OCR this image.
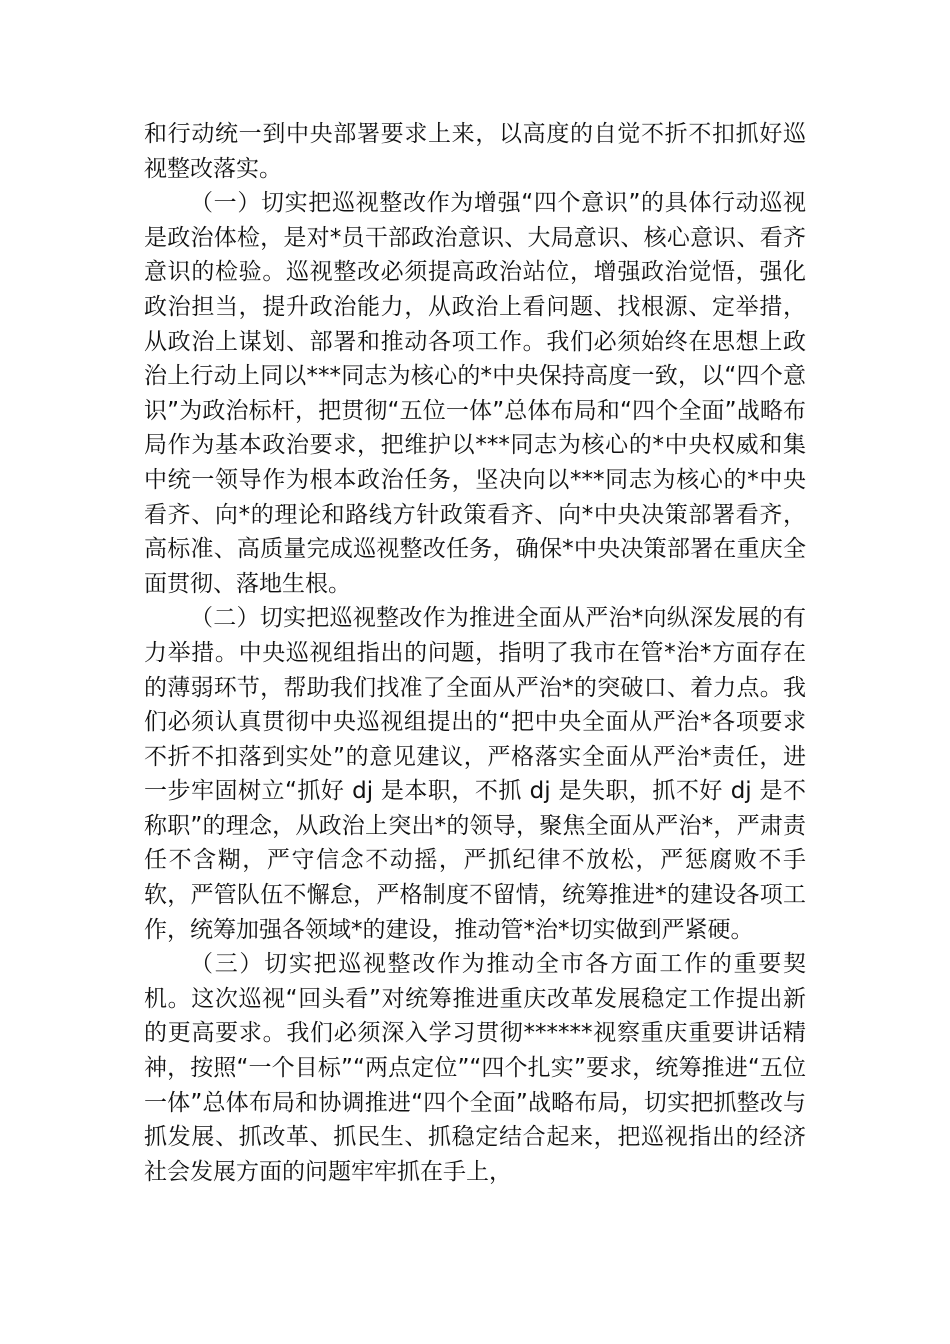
和行动统一到中央部署要求上来，以高度的自觉不折不扣抓好巡视整改落实。

（一）切实把巡视整改作为增强“四个意识”的具体行动巡视是政治体检，是对*员干部政治意识、大局意识、核心意识、看齐意识的检验。巡视整改必须提高政治站位，增强政治觉悟，强化政治担当，提升政治能力，从政治上看问题、找根源、定举措，从政治上谋划、部署和推动各项工作。我们必须始终在思想上政治上行动上同以***同志为核心的*中央保持高度一致，以“四个意识”为政治标杆，把贯彻“五位一体”总体布局和“四个全面”战略布局作为基本政治要求，把维护以***同志为核心的*中央权威和集中统一领导作为根本政治任务，坚决向以***同志为核心的*中央看齐、向*的理论和路线方针政策看齐、向*中央决策部署看齐，高标准、高质量完成巡视整改任务，确保*中央决策部署在重庆全面贯彻、落地生根。

（二）切实把巡视整改作为推进全面从严治*向纵深发展的有力举措。中央巡视组指出的问题，指明了我市在管*治*方面存在的薄弱环节，帮助我们找准了全面从严治*的突破口、着力点。我们必须认真贯彻中央巡视组提出的“把中央全面从严治*各项要求不折不扣落到实处”的意见建议，严格落实全面从严治*责任，进一步牢固树立“抓好 dj 是本职，不抓 dj 是失职，抓不好 dj 是不称职”的理念，从政治上突出*的领导，聚焦全面从严治*，严肃责任不含糊，严守信念不动摇，严抓纪律不放松，严惩腐败不手软，严管队伍不懈怠，严格制度不留情，统筹推进*的建设各项工作，统筹加强各领域*的建设，推动管*治*切实做到严紧硬。

（三）切实把巡视整改作为推动全市各方面工作的重要契机。这次巡视“回头看”对统筹推进重庆改革发展稳定工作提出新的更高要求。我们必须深入学习贯彻******视察重庆重要讲话精神，按照“一个目标”“两点定位”“四个扎实”要求，统筹推进“五位一体”总体布局和协调推进“四个全面”战略布局，切实把抓整改与抓发展、抓改革、抓民生、抓稳定结合起来，把巡视指出的经济社会发展方面的问题牢牢抓在手上，
